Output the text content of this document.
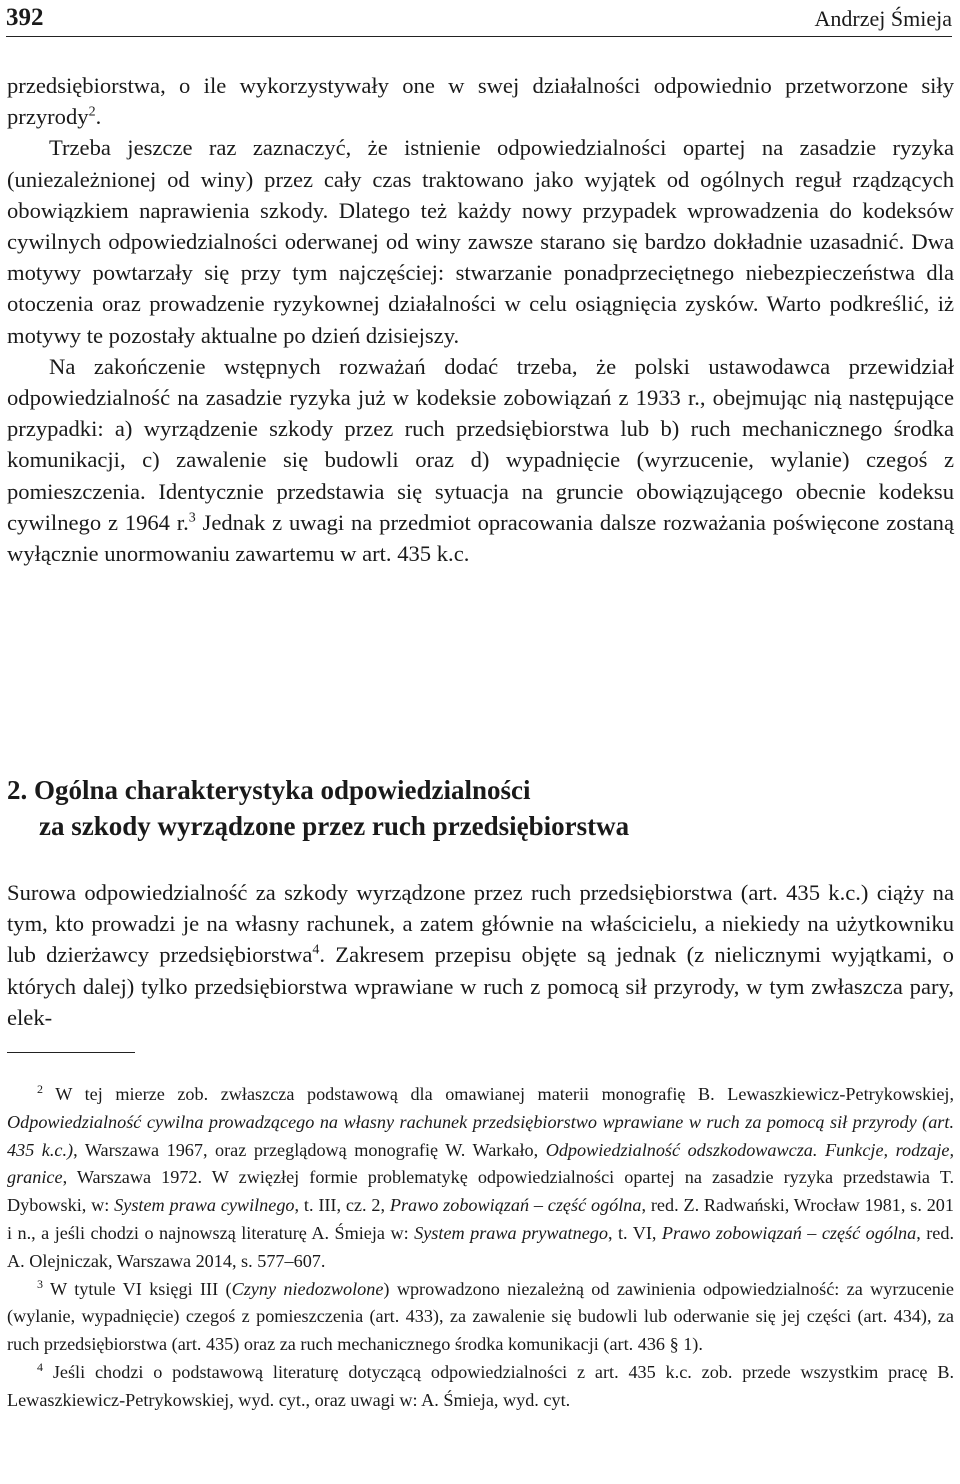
392	Andrzej Śmieja

przedsiębiorstwa, o ile wykorzystywały one w swej działalności odpowiednio przetworzone siły przyrody$^2$.

Trzeba jeszcze raz zaznaczyć, że istnienie odpowiedzialności opartej na zasadzie ryzyka (uniezależnionej od winy) przez cały czas traktowano jako wyjątek od ogólnych reguł rządzących obowiązkiem naprawienia szkody. Dlatego też każdy nowy przypadek wprowadzenia do kodeksów cywilnych odpowiedzialności oderwanej od winy zawsze starano się bardzo dokładnie uzasadnić. Dwa motywy powtarzały się przy tym najczęściej: stwarzanie ponadprzeciętnego niebezpieczeństwa dla otoczenia oraz prowadzenie ryzykownej działalności w celu osiągnięcia zysków. Warto podkreślić, iż motywy te pozostały aktualne po dzień dzisiejszy.

Na zakończenie wstępnych rozważań dodać trzeba, że polski ustawodawca przewidział odpowiedzialność na zasadzie ryzyka już w kodeksie zobowiązań z 1933 r., obejmując nią następujące przypadki: a) wyrządzenie szkody przez ruch przedsiębiorstwa lub b) ruch mechanicznego środka komunikacji, c) zawalenie się budowli oraz d) wypadnięcie (wyrzucenie, wylanie) czegoś z pomieszczenia. Identycznie przedstawia się sytuacja na gruncie obowiązującego obecnie kodeksu cywilnego z 1964 r.$^3$ Jednak z uwagi na przedmiot opracowania dalsze rozważania poświęcone zostaną wyłącznie unormowaniu zawartemu w art. 435 k.c.

2. Ogólna charakterystyka odpowiedzialności
za szkody wyrządzone przez ruch przedsiębiorstwa

Surowa odpowiedzialność za szkody wyrządzone przez ruch przedsiębiorstwa (art. 435 k.c.) ciąży na tym, kto prowadzi je na własny rachunek, a zatem głównie na właścicielu, a niekiedy na użytkowniku lub dzierżawcy przedsiębiorstwa$^4$. Zakresem przepisu objęte są jednak (z nielicznymi wyjątkami, o których dalej) tylko przedsiębiorstwa wprawiane w ruch z pomocą sił przyrody, w tym zwłaszcza pary, elek-

$^2$ W tej mierze zob. zwłaszcza podstawową dla omawianej materii monografię B. Lewaszkiewicz-Petrykowskiej, Odpowiedzialność cywilna prowadzącego na własny rachunek przedsiębiorstwo wprawiane w ruch za pomocą sił przyrody (art. 435 k.c.), Warszawa 1967, oraz przeglądową monografię W. Warkało, Odpowiedzialność odszkodowawcza. Funkcje, rodzaje, granice, Warszawa 1972. W zwięzłej formie problematykę odpowiedzialności opartej na zasadzie ryzyka przedstawia T. Dybowski, w: System prawa cywilnego, t. III, cz. 2, Prawo zobowiązań – część ogólna, red. Z. Radwański, Wrocław 1981, s. 201 i n., a jeśli chodzi o najnowszą literaturę A. Śmieja w: System prawa prywatnego, t. VI, Prawo zobowiązań – część ogólna, red. A. Olejniczak, Warszawa 2014, s. 577–607.

$^3$ W tytule VI księgi III (Czyny niedozwolone) wprowadzono niezależną od zawinienia odpowiedzialność: za wyrzucenie (wylanie, wypadnięcie) czegoś z pomieszczenia (art. 433), za zawalenie się budowli lub oderwanie się jej części (art. 434), za ruch przedsiębiorstwa (art. 435) oraz za ruch mechanicznego środka komunikacji (art. 436 § 1).

$^4$ Jeśli chodzi o podstawową literaturę dotyczącą odpowiedzialności z art. 435 k.c. zob. przede wszystkim pracę B. Lewaszkiewicz-Petrykowskiej, wyd. cyt., oraz uwagi w: A. Śmieja, wyd. cyt.
